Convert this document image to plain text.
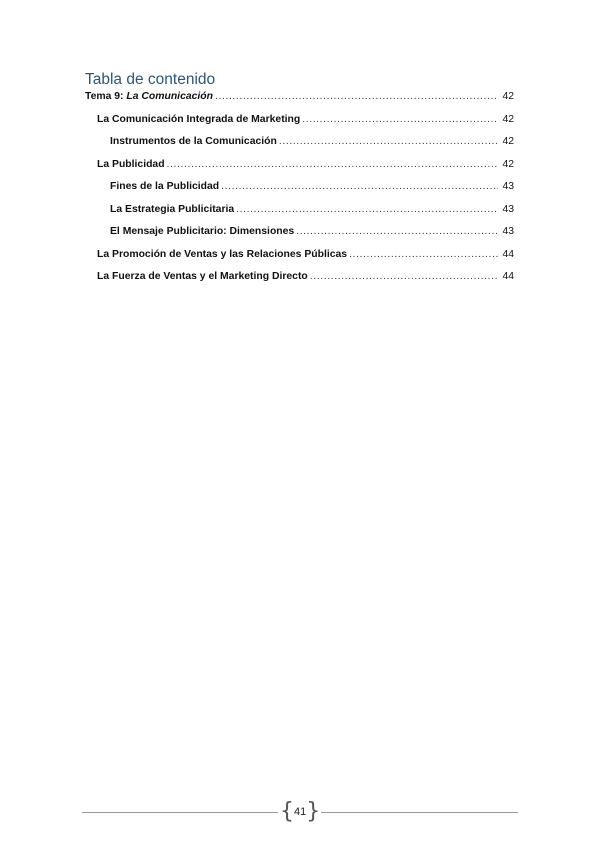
Tabla de contenido
Tema 9: La Comunicación .....	42
La Comunicación Integrada de Marketing .....	42
Instrumentos de la Comunicación .....	42
La Publicidad .....	42
Fines de la Publicidad .....	43
La Estrategia Publicitaria .....	43
El Mensaje Publicitario: Dimensiones .....	43
La Promoción de Ventas y las Relaciones Públicas .....	44
La Fuerza de Ventas y el Marketing Directo .....	44
{ 41 }
